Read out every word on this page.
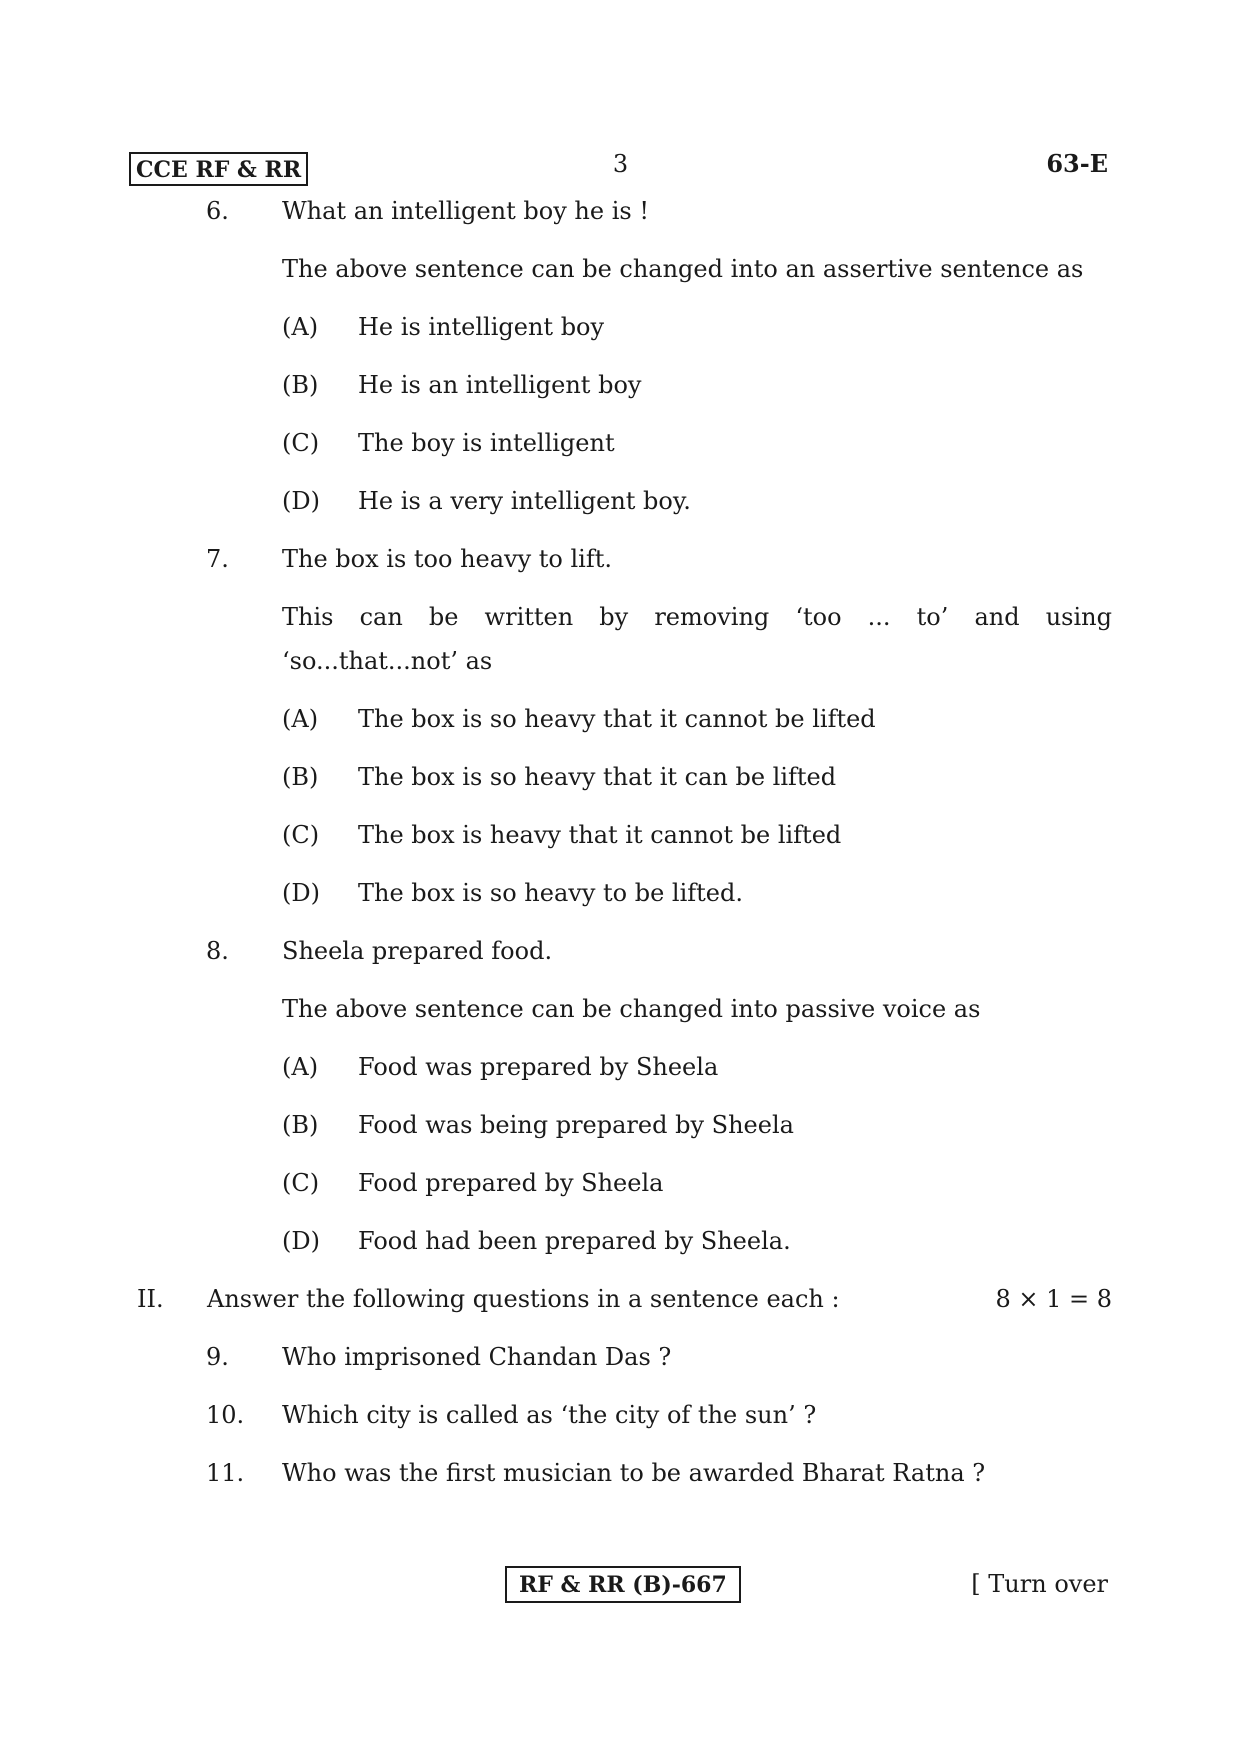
CCE RF & RR	3	63-E
6.	What an intelligent boy he is !
The above sentence can be changed into an assertive sentence as
(A)	He is intelligent boy
(B)	He is an intelligent boy
(C)	The boy is intelligent
(D)	He is a very intelligent boy.
7.	The box is too heavy to lift.
This can be written by removing ‘too ... to’ and using
‘so...that...not’ as
(A)	The box is so heavy that it cannot be lifted
(B)	The box is so heavy that it can be lifted
(C)	The box is heavy that it cannot be lifted
(D)	The box is so heavy to be lifted.
8.	Sheela prepared food.
The above sentence can be changed into passive voice as
(A)	Food was prepared by Sheela
(B)	Food was being prepared by Sheela
(C)	Food prepared by Sheela
(D)	Food had been prepared by Sheela.
II. Answer the following questions in a sentence each :	8 × 1 = 8
9.	Who imprisoned Chandan Das ?
10.	Which city is called as ‘the city of the sun’ ?
11.	Who was the first musician to be awarded Bharat Ratna ?
RF & RR (B)-667	[ Turn over
